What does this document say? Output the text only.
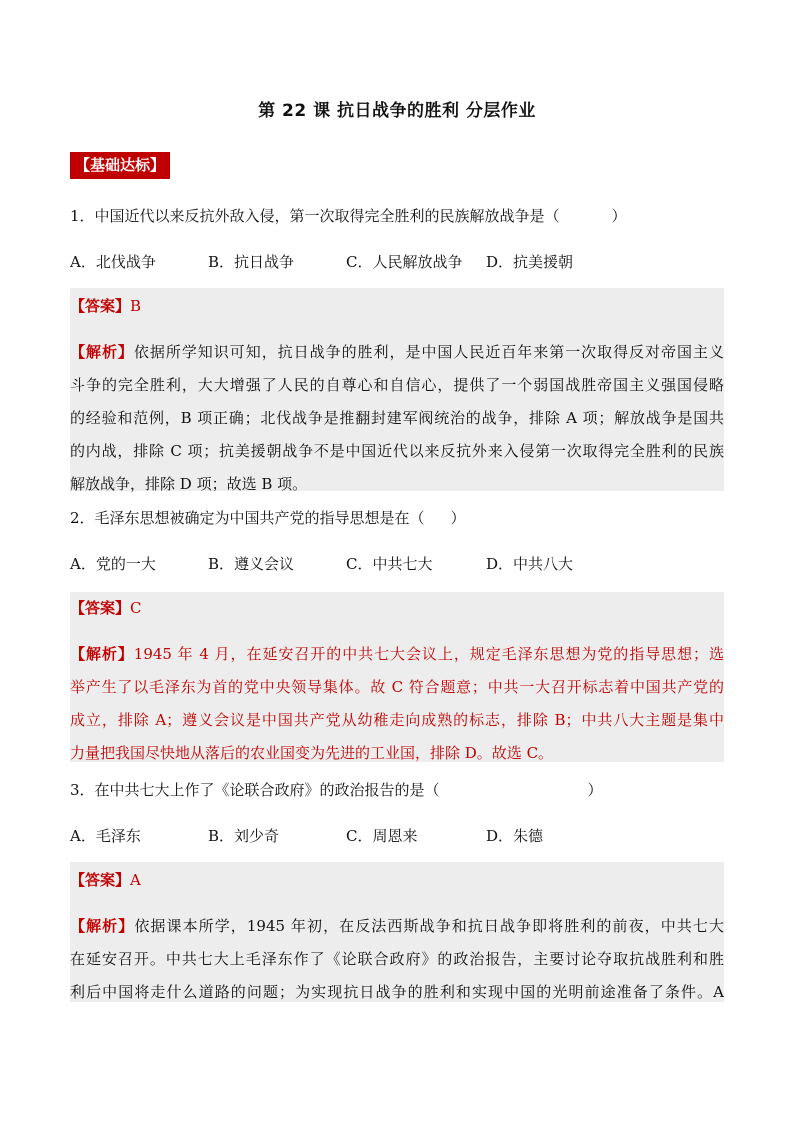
第 22 课 抗日战争的胜利 分层作业
【基础达标】
1．中国近代以来反抗外敌入侵，第一次取得完全胜利的民族解放战争是（	）
A．北伐战争	B．抗日战争	C．人民解放战争 D．抗美援朝
【答案】B
【解析】依据所学知识可知，抗日战争的胜利，是中国人民近百年来第一次取得反对帝国主义
斗争的完全胜利，大大增强了人民的自尊心和自信心，提供了一个弱国战胜帝国主义强国侵略
的经验和范例，B 项正确；北伐战争是推翻封建军阀统治的战争，排除 A 项；解放战争是国共
的内战，排除 C 项；抗美援朝战争不是中国近代以来反抗外来入侵第一次取得完全胜利的民族
解放战争，排除 D 项；故选 B 项。
2．毛泽东思想被确定为中国共产党的指导思想是在（ ）
A．党的一大	B．遵义会议	C．中共七大	D．中共八大
【答案】C
【解析】1945 年 4 月，在延安召开的中共七大会议上，规定毛泽东思想为党的指导思想；选
举产生了以毛泽东为首的党中央领导集体。故 C 符合题意；中共一大召开标志着中国共产党的
成立，排除 A；遵义会议是中国共产党从幼稚走向成熟的标志，排除 B；中共八大主题是集中
力量把我国尽快地从落后的农业国变为先进的工业国，排除 D。故选 C。
3．在中共七大上作了《论联合政府》的政治报告的是（	）
A．毛泽东	B．刘少奇	C．周恩来	D．朱德
【答案】A
【解析】依据课本所学，1945 年初，在反法西斯战争和抗日战争即将胜利的前夜，中共七大
在延安召开。中共七大上毛泽东作了《论联合政府》的政治报告，主要讨论夺取抗战胜利和胜
利后中国将走什么道路的问题；为实现抗日战争的胜利和实现中国的光明前途准备了条件。A
